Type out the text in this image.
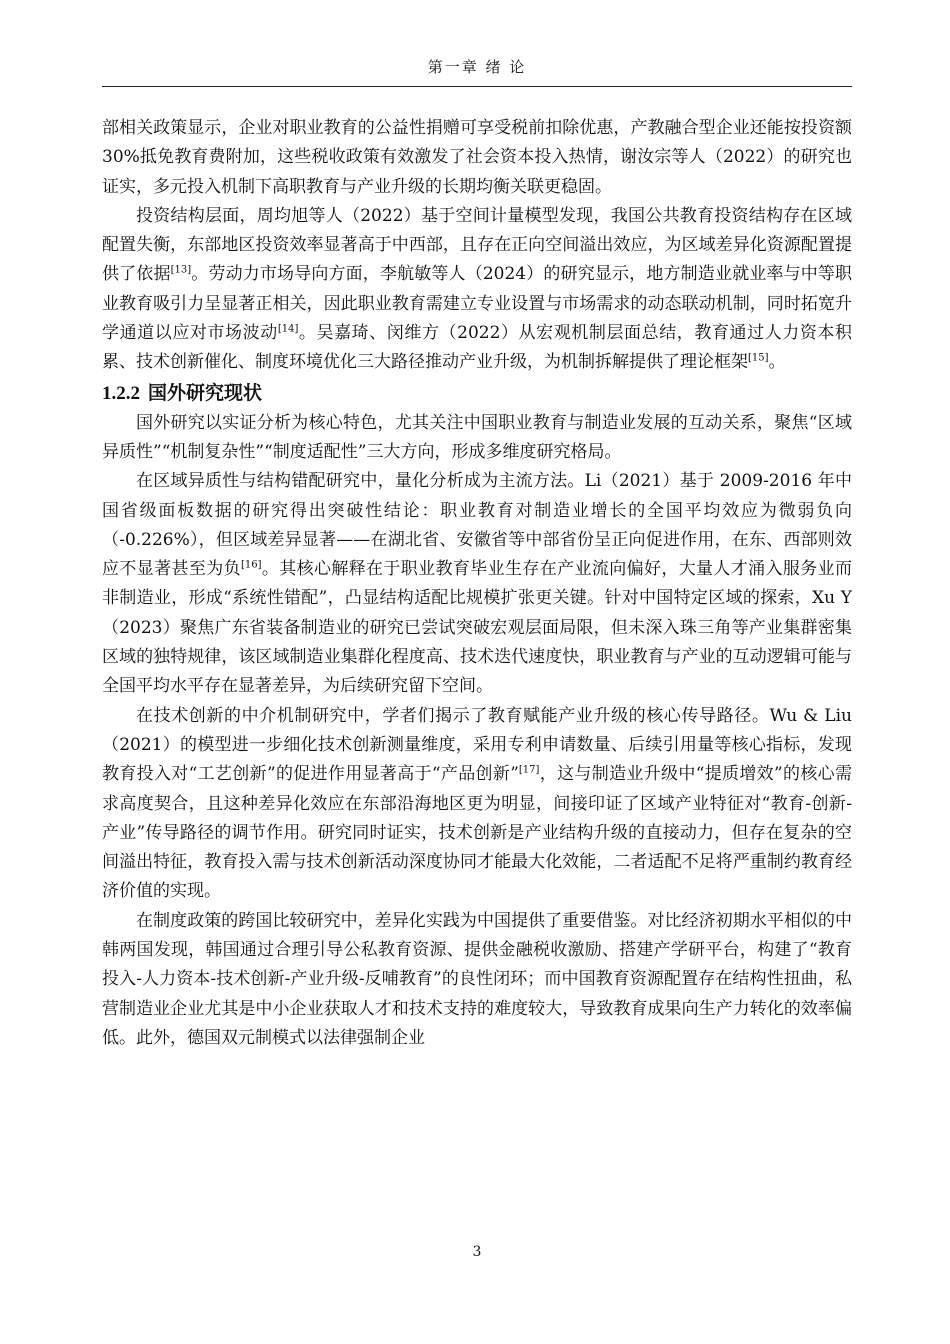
第一章 绪 论

部相关政策显示，企业对职业教育的公益性捐赠可享受税前扣除优惠，产教融合型企业还能按投资额30%抵免教育费附加，这些税收政策有效激发了社会资本投入热情，谢汝宗等人（2022）的研究也证实，多元投入机制下高职教育与产业升级的长期均衡关联更稳固。

投资结构层面，周均旭等人（2022）基于空间计量模型发现，我国公共教育投资结构存在区域配置失衡，东部地区投资效率显著高于中西部，且存在正向空间溢出效应，为区域差异化资源配置提供了依据[13]。劳动力市场导向方面，李航敏等人（2024）的研究显示，地方制造业就业率与中等职业教育吸引力呈显著正相关，因此职业教育需建立专业设置与市场需求的动态联动机制，同时拓宽升学通道以应对市场波动[14]。吴嘉琦、闵维方（2022）从宏观机制层面总结，教育通过人力资本积累、技术创新催化、制度环境优化三大路径推动产业升级，为机制拆解提供了理论框架[15]。

1.2.2 国外研究现状

国外研究以实证分析为核心特色，尤其关注中国职业教育与制造业发展的互动关系，聚焦“区域异质性”“机制复杂性”“制度适配性”三大方向，形成多维度研究格局。

在区域异质性与结构错配研究中，量化分析成为主流方法。Li（2021）基于 2009-2016 年中国省级面板数据的研究得出突破性结论：职业教育对制造业增长的全国平均效应为微弱负向（-0.226%），但区域差异显著——在湖北省、安徽省等中部省份呈正向促进作用，在东、西部则效应不显著甚至为负[16]。其核心解释在于职业教育毕业生存在产业流向偏好，大量人才涌入服务业而非制造业，形成“系统性错配”，凸显结构适配比规模扩张更关键。针对中国特定区域的探索，Xu Y（2023）聚焦广东省装备制造业的研究已尝试突破宏观层面局限，但未深入珠三角等产业集群密集区域的独特规律，该区域制造业集群化程度高、技术迭代速度快，职业教育与产业的互动逻辑可能与全国平均水平存在显著差异，为后续研究留下空间。

在技术创新的中介机制研究中，学者们揭示了教育赋能产业升级的核心传导路径。Wu & Liu（2021）的模型进一步细化技术创新测量维度，采用专利申请数量、后续引用量等核心指标，发现教育投入对“工艺创新”的促进作用显著高于“产品创新”[17]，这与制造业升级中“提质增效”的核心需求高度契合，且这种差异化效应在东部沿海地区更为明显，间接印证了区域产业特征对“教育-创新-产业”传导路径的调节作用。研究同时证实，技术创新是产业结构升级的直接动力，但存在复杂的空间溢出特征，教育投入需与技术创新活动深度协同才能最大化效能，二者适配不足将严重制约教育经济价值的实现。

在制度政策的跨国比较研究中，差异化实践为中国提供了重要借鉴。对比经济初期水平相似的中韩两国发现，韩国通过合理引导公私教育资源、提供金融税收激励、搭建产学研平台，构建了“教育投入-人力资本-技术创新-产业升级-反哺教育”的良性闭环；而中国教育资源配置存在结构性扭曲，私营制造业企业尤其是中小企业获取人才和技术支持的难度较大，导致教育成果向生产力转化的效率偏低。此外，德国双元制模式以法律强制企业

3
